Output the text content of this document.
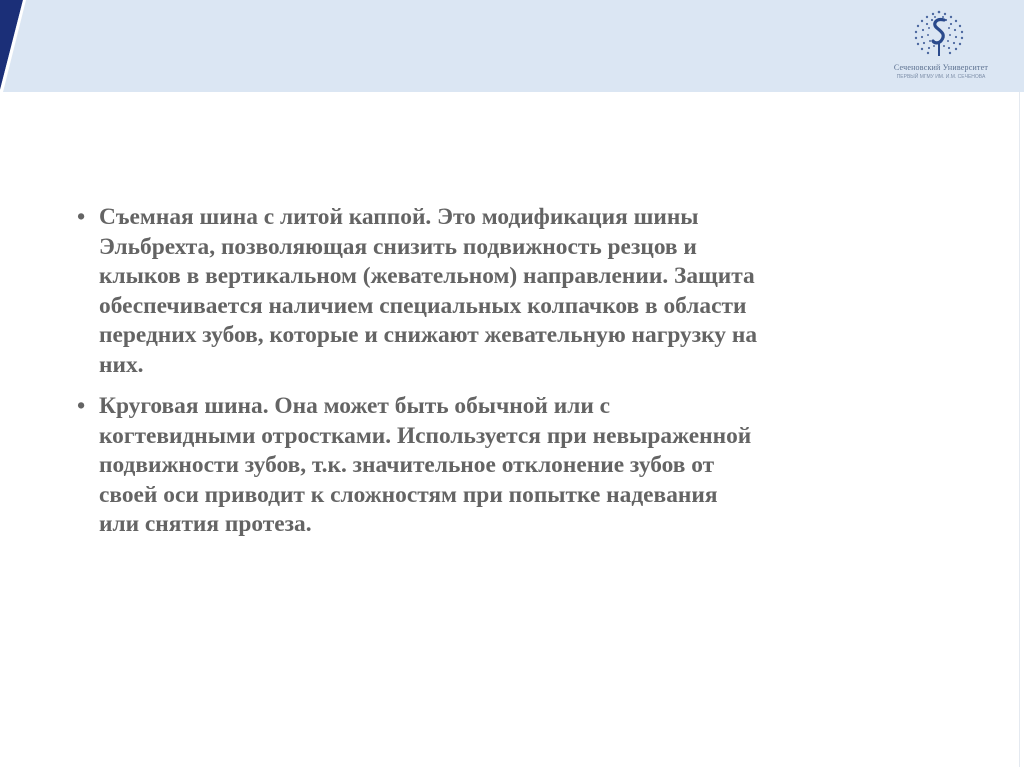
Сеченовский Университет
ПЕРВЫЙ МГМУ ИМ. И.М. СЕЧЕНОВА
• Съемная шина с литой каппой. Это модификация шины
Эльбрехта, позволяющая снизить подвижность резцов и
клыков в вертикальном (жевательном) направлении. Защита
обеспечивается наличием специальных колпачков в области
передних зубов, которые и снижают жевательную нагрузку на
них.
• Круговая шина. Она может быть обычной или с
когтевидными отростками. Используется при невыраженной
подвижности зубов, т.к. значительное отклонение зубов от
своей оси приводит к сложностям при попытке надевания
или снятия протеза.
